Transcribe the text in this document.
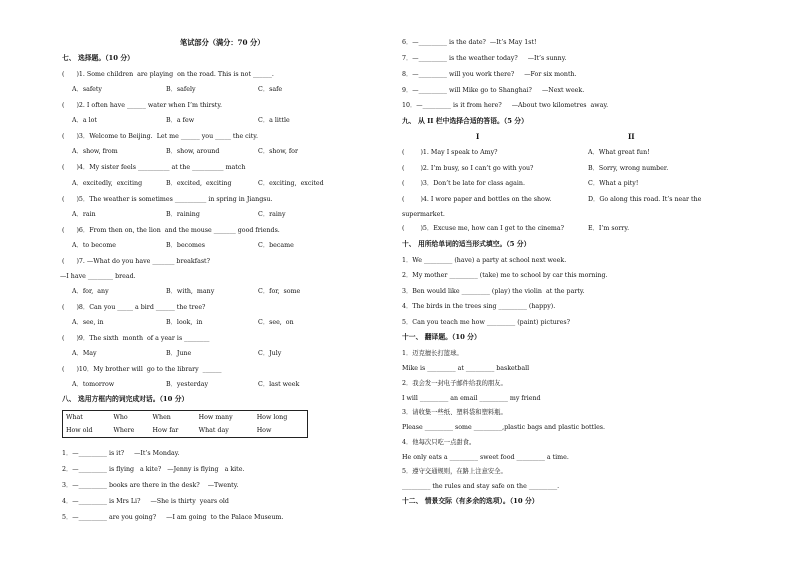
笔试部分（满分：70 分）
七、 选择题。（10 分）
(      )1. Some children  are playing  on the road. This is not ______.
A．safety	B．safely	C．safe
(      )2. I often have ______ water when I’m thirsty.
A．a lot	B．a few	C．a little
(      )3．Welcome to Beijing.  Let me ______ you _____ the city.
A．show, from	B．show, around	C．show, for
(      )4．My sister feels __________ at the __________ match
A．excitedly,  exciting	B．excited,  exciting	C．exciting,  excited
(      )5．The weather is sometimes __________ in spring in Jiangsu.
A．rain	B．raining	C．rainy
(      )6．From then on, the lion  and the mouse _______ good friends.
A．to become	B．becomes	C．became
(      )7. —What do you have _______ breakfast?
—I have ________ bread.
A．for,  any	B．with,  many	C．for,  some
(      )8．Can you _____ a bird ______ the tree?
A．see, in	B．look,  in	C．see,  on
(      )9．The sixth  month  of a year is ________
A．May	B．June	C．July
(      )10．My brother will  go to the library  ______
A．tomorrow	B．yesterday	C．last week
八、 选用方框内的词完成对话。（10 分）
What	Who	When	How many	How long
How old	Where	How far	What day	How
1．—_________ is it?     —It’s Monday.
2．—_________ is flying   a kite?   —Jenny is flying   a kite.
3．—_________ books are there in the desk?    —Twenty.
4．—_________ is Mrs Li?     —She is thirty  years old
5．—_________ are you going?     —I am going  to the Palace Museum.
6．—_________ is the date?  —It’s May 1st!
7．—_________ is the weather today?     —It’s sunny.
8．—_________ will you work there?     —For six month.
9．—_________ will Mike go to Shanghai?     —Next week.
10．—_________ is it from here?     —About two kilometres  away.
九、 从 II 栏中选择合适的答语。（5 分）
I	II
(        )1. May I speak to Amy?	A．What great fun!
(        )2. I’m busy, so I can’t go with you?	B．Sorry, wrong number.
(        )3．Don’t be late for class again.	C．What a pity!
(        )4. I wore paper and bottles on the show.	D．Go along this road. It’s near the
supermarket.
(        )5．Excuse me, how can I get to the cinema?	E．I’m sorry.
十、 用所给单词的适当形式填空。（5 分）
1．We _________ (have) a party at school next week.
2．My mother _________ (take) me to school by car this morning.
3．Ben would like _________ (play) the violin  at the party.
4．The birds in the trees sing _________ (happy).
5．Can you teach me how _________ (paint) pictures?
十一、 翻译题。（10 分）
1．迈克擅长打篮球。
Mike is _________ at _________ basketball
2．我会发一封电子邮件给我的朋友。
I will _________ an email _________ my friend
3．请收集一些纸、塑料袋和塑料瓶。
Please _________ some _________,plastic bags and plastic bottles.
4．他每次只吃一点甜食。
He only eats a _________ sweet food _________ a time.
5．遵守交通规则，在路上注意安全。
_________ the rules and stay safe on the _________.
十二、 情景交际（有多余的选项）。（10 分）
